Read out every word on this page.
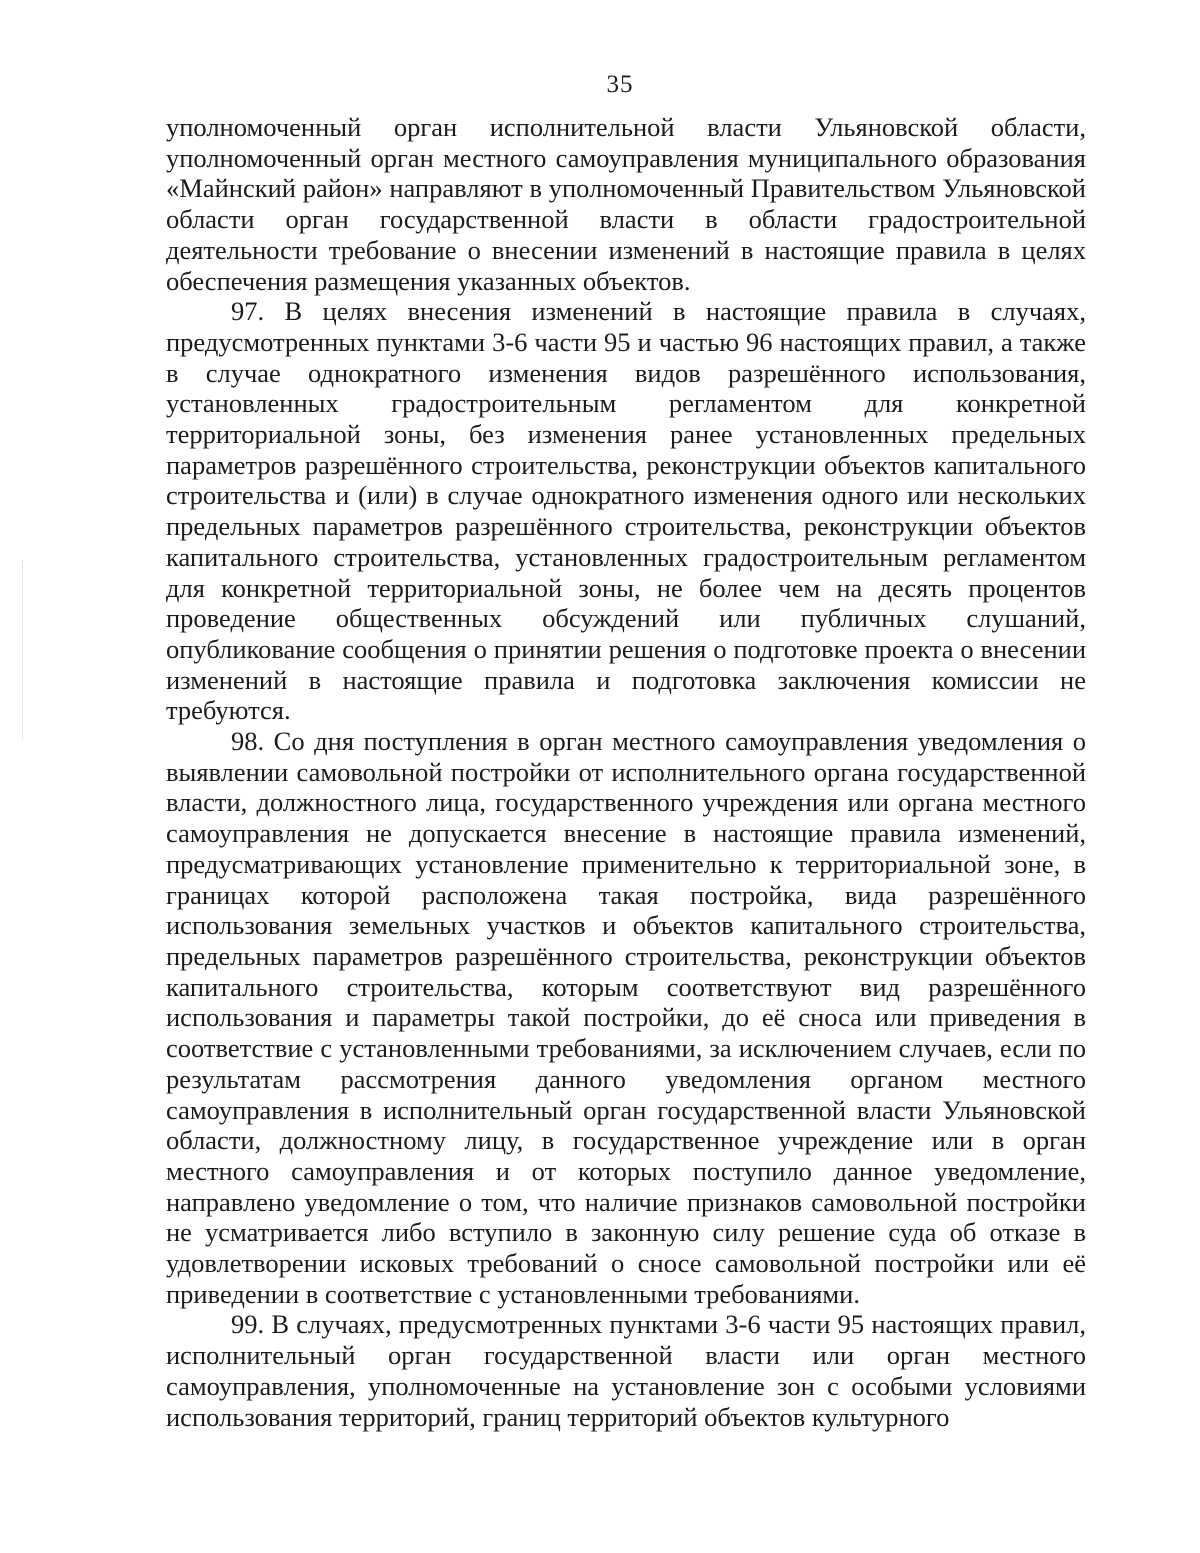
35

уполномоченный орган исполнительной власти Ульяновской области, уполномоченный орган местного самоуправления муниципального образования «Майнский район» направляют в уполномоченный Правительством Ульяновской области орган государственной власти в области градостроительной деятельности требование о внесении изменений в настоящие правила в целях обеспечения размещения указанных объектов.

97. В целях внесения изменений в настоящие правила в случаях, предусмотренных пунктами 3-6 части 95 и частью 96 настоящих правил, а также в случае однократного изменения видов разрешённого использования, установленных градостроительным регламентом для конкретной территориальной зоны, без изменения ранее установленных предельных параметров разрешённого строительства, реконструкции объектов капитального строительства и (или) в случае однократного изменения одного или нескольких предельных параметров разрешённого строительства, реконструкции объектов капитального строительства, установленных градостроительным регламентом для конкретной территориальной зоны, не более чем на десять процентов проведение общественных обсуждений или публичных слушаний, опубликование сообщения о принятии решения о подготовке проекта о внесении изменений в настоящие правила и подготовка заключения комиссии не требуются.

98. Со дня поступления в орган местного самоуправления уведомления о выявлении самовольной постройки от исполнительного органа государственной власти, должностного лица, государственного учреждения или органа местного самоуправления не допускается внесение в настоящие правила изменений, предусматривающих установление применительно к территориальной зоне, в границах которой расположена такая постройка, вида разрешённого использования земельных участков и объектов капитального строительства, предельных параметров разрешённого строительства, реконструкции объектов капитального строительства, которым соответствуют вид разрешённого использования и параметры такой постройки, до её сноса или приведения в соответствие с установленными требованиями, за исключением случаев, если по результатам рассмотрения данного уведомления органом местного самоуправления в исполнительный орган государственной власти Ульяновской области, должностному лицу, в государственное учреждение или в орган местного самоуправления и от которых поступило данное уведомление, направлено уведомление о том, что наличие признаков самовольной постройки не усматривается либо вступило в законную силу решение суда об отказе в удовлетворении исковых требований о сносе самовольной постройки или её приведении в соответствие с установленными требованиями.

99. В случаях, предусмотренных пунктами 3-6 части 95 настоящих правил, исполнительный орган государственной власти или орган местного самоуправления, уполномоченные на установление зон с особыми условиями использования территорий, границ территорий объектов культурного
